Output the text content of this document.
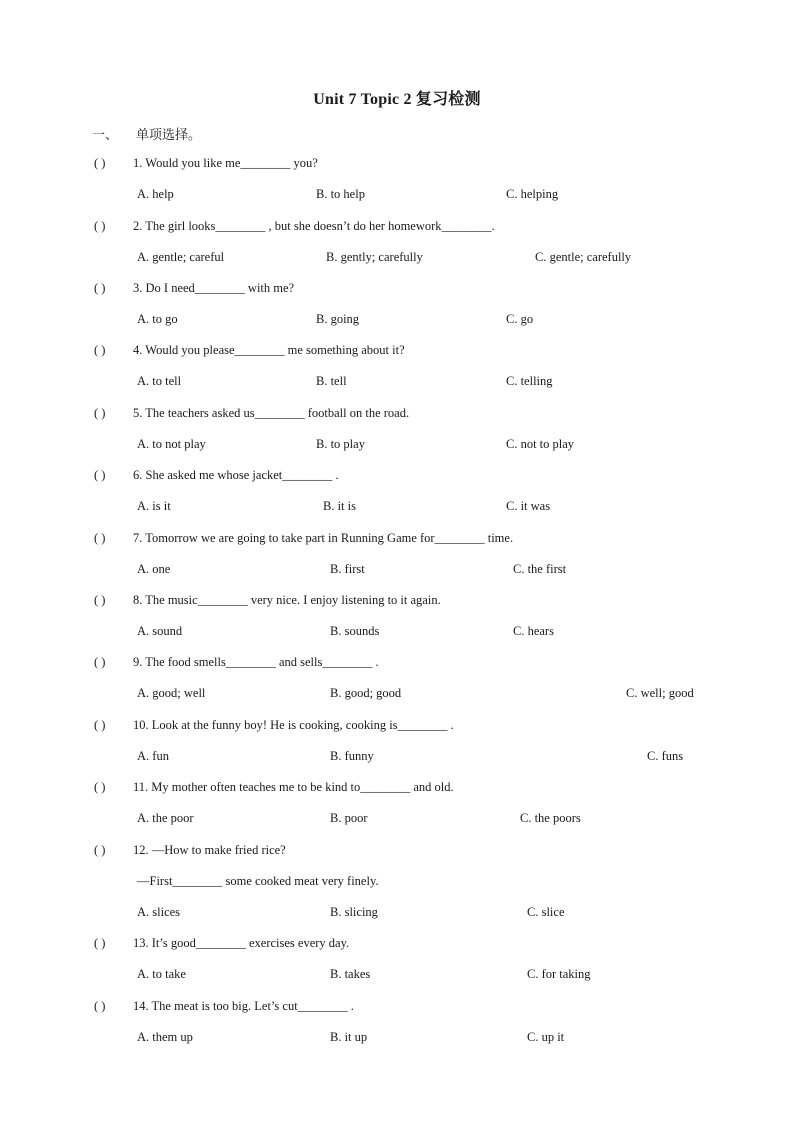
Unit 7 Topic 2 复习检测
一、 单项选择。
( ) 1. Would you like me________ you?
A. help	B. to help	C. helping
( ) 2. The girl looks________ , but she doesn’t do her homework________.
A. gentle; careful	B. gently; carefully	C. gentle; carefully
( ) 3. Do I need________ with me?
A. to go	B. going	C. go
( ) 4. Would you please________ me something about it?
A. to tell	B. tell	C. telling
( ) 5. The teachers asked us________ football on the road.
A. to not play	B. to play	C. not to play
( ) 6. She asked me whose jacket________ .
A. is it	B. it is	C. it was
( ) 7. Tomorrow we are going to take part in Running Game for________ time.
A. one	B. first	C. the first
( ) 8. The music________ very nice. I enjoy listening to it again.
A. sound	B. sounds	C. hears
( ) 9. The food smells________ and sells________ .
A. good; well	B. good; good	C. well; good
( ) 10. Look at the funny boy! He is cooking, cooking is________ .
A. fun	B. funny	C. funs
( ) 11. My mother often teaches me to be kind to________ and old.
A. the poor	B. poor	C. the poors
( ) 12. —How to make fried rice?
—First________ some cooked meat very finely.
A. slices	B. slicing	C. slice
( ) 13. It’s good________ exercises every day.
A. to take	B. takes	C. for taking
( ) 14. The meat is too big. Let’s cut________ .
A. them up	B. it up	C. up it
